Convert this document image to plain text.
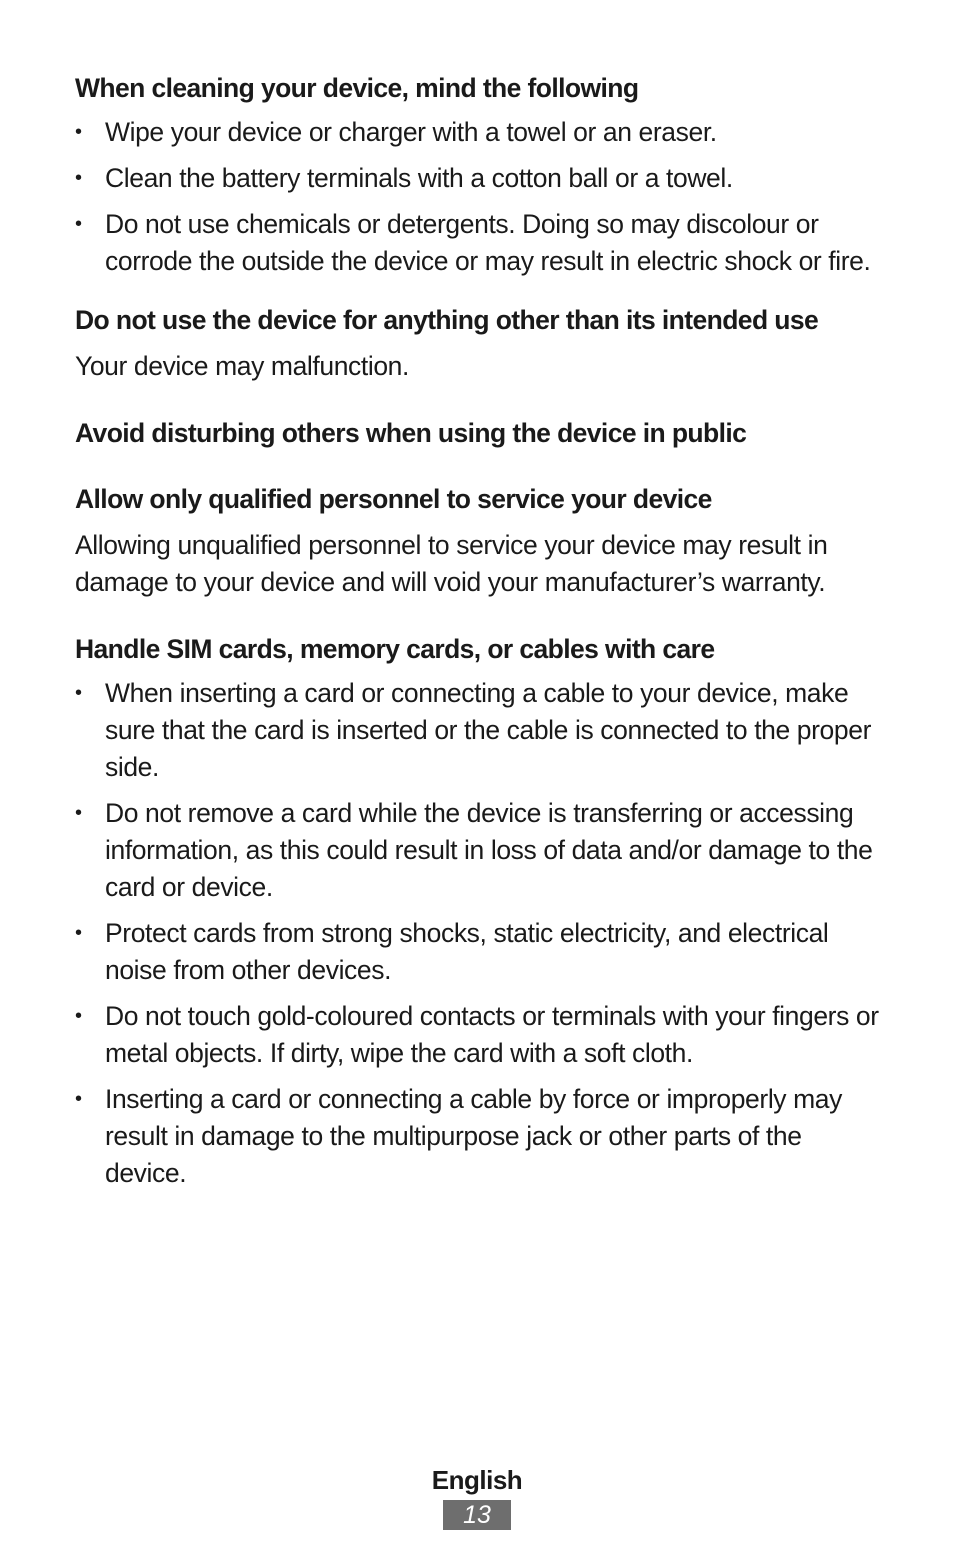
When cleaning your device, mind the following
• Wipe your device or charger with a towel or an eraser.
• Clean the battery terminals with a cotton ball or a towel.
• Do not use chemicals or detergents. Doing so may discolour or corrode the outside the device or may result in electric shock or fire.
Do not use the device for anything other than its intended use

Your device may malfunction.

Avoid disturbing others when using the device in public
Allow only qualified personnel to service your device

Allowing unqualified personnel to service your device may result in damage to your device and will void your manufacturer’s warranty.

Handle SIM cards, memory cards, or cables with care
• When inserting a card or connecting a cable to your device, make sure that the card is inserted or the cable is connected to the proper side.
• Do not remove a card while the device is transferring or accessing information, as this could result in loss of data and/or damage to the card or device.
• Protect cards from strong shocks, static electricity, and electrical noise from other devices.
• Do not touch gold-coloured contacts or terminals with your fingers or metal objects. If dirty, wipe the card with a soft cloth.
• Inserting a card or connecting a cable by force or improperly may result in damage to the multipurpose jack or other parts of the device.
English
13
